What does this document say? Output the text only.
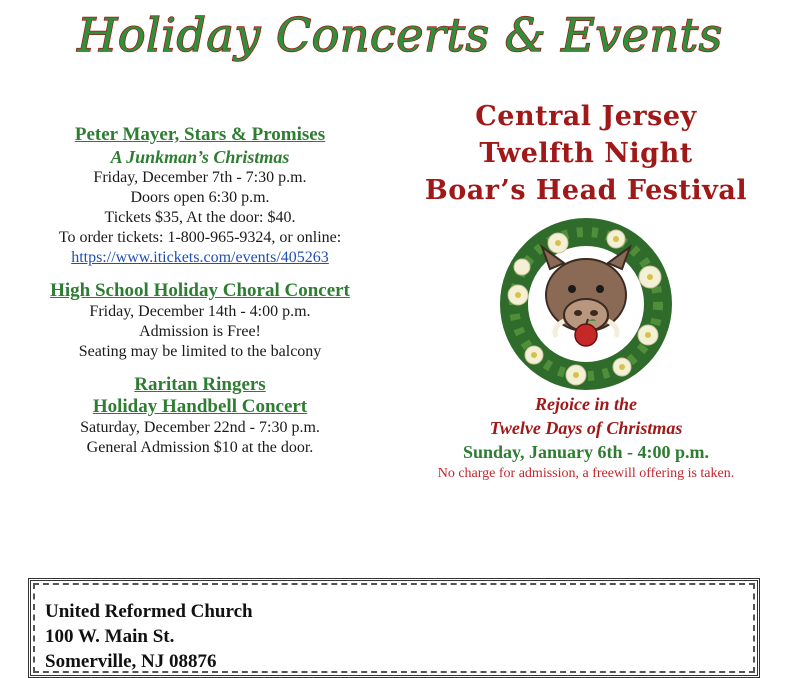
Holiday Concerts & Events
Peter Mayer, Stars & Promises
A Junkman’s Christmas
Friday, December 7th - 7:30 p.m.
Doors open 6:30 p.m.
Tickets $35, At the door: $40.
To order tickets: 1-800-965-9324, or online:
https://www.itickets.com/events/405263
High School Holiday Choral Concert
Friday, December 14th - 4:00 p.m.
Admission is Free!
Seating may be limited to the balcony
Raritan Ringers
Holiday Handbell Concert
Saturday, December 22nd - 7:30 p.m.
General Admission $10 at the door.
Central Jersey
Twelfth Night
Boar’s Head Festival
Rejoice in the
Twelve Days of Christmas
Sunday, January 6th - 4:00 p.m.
No charge for admission, a freewill offering is taken.
United Reformed Church
100 W. Main St.
Somerville, NJ 08876
